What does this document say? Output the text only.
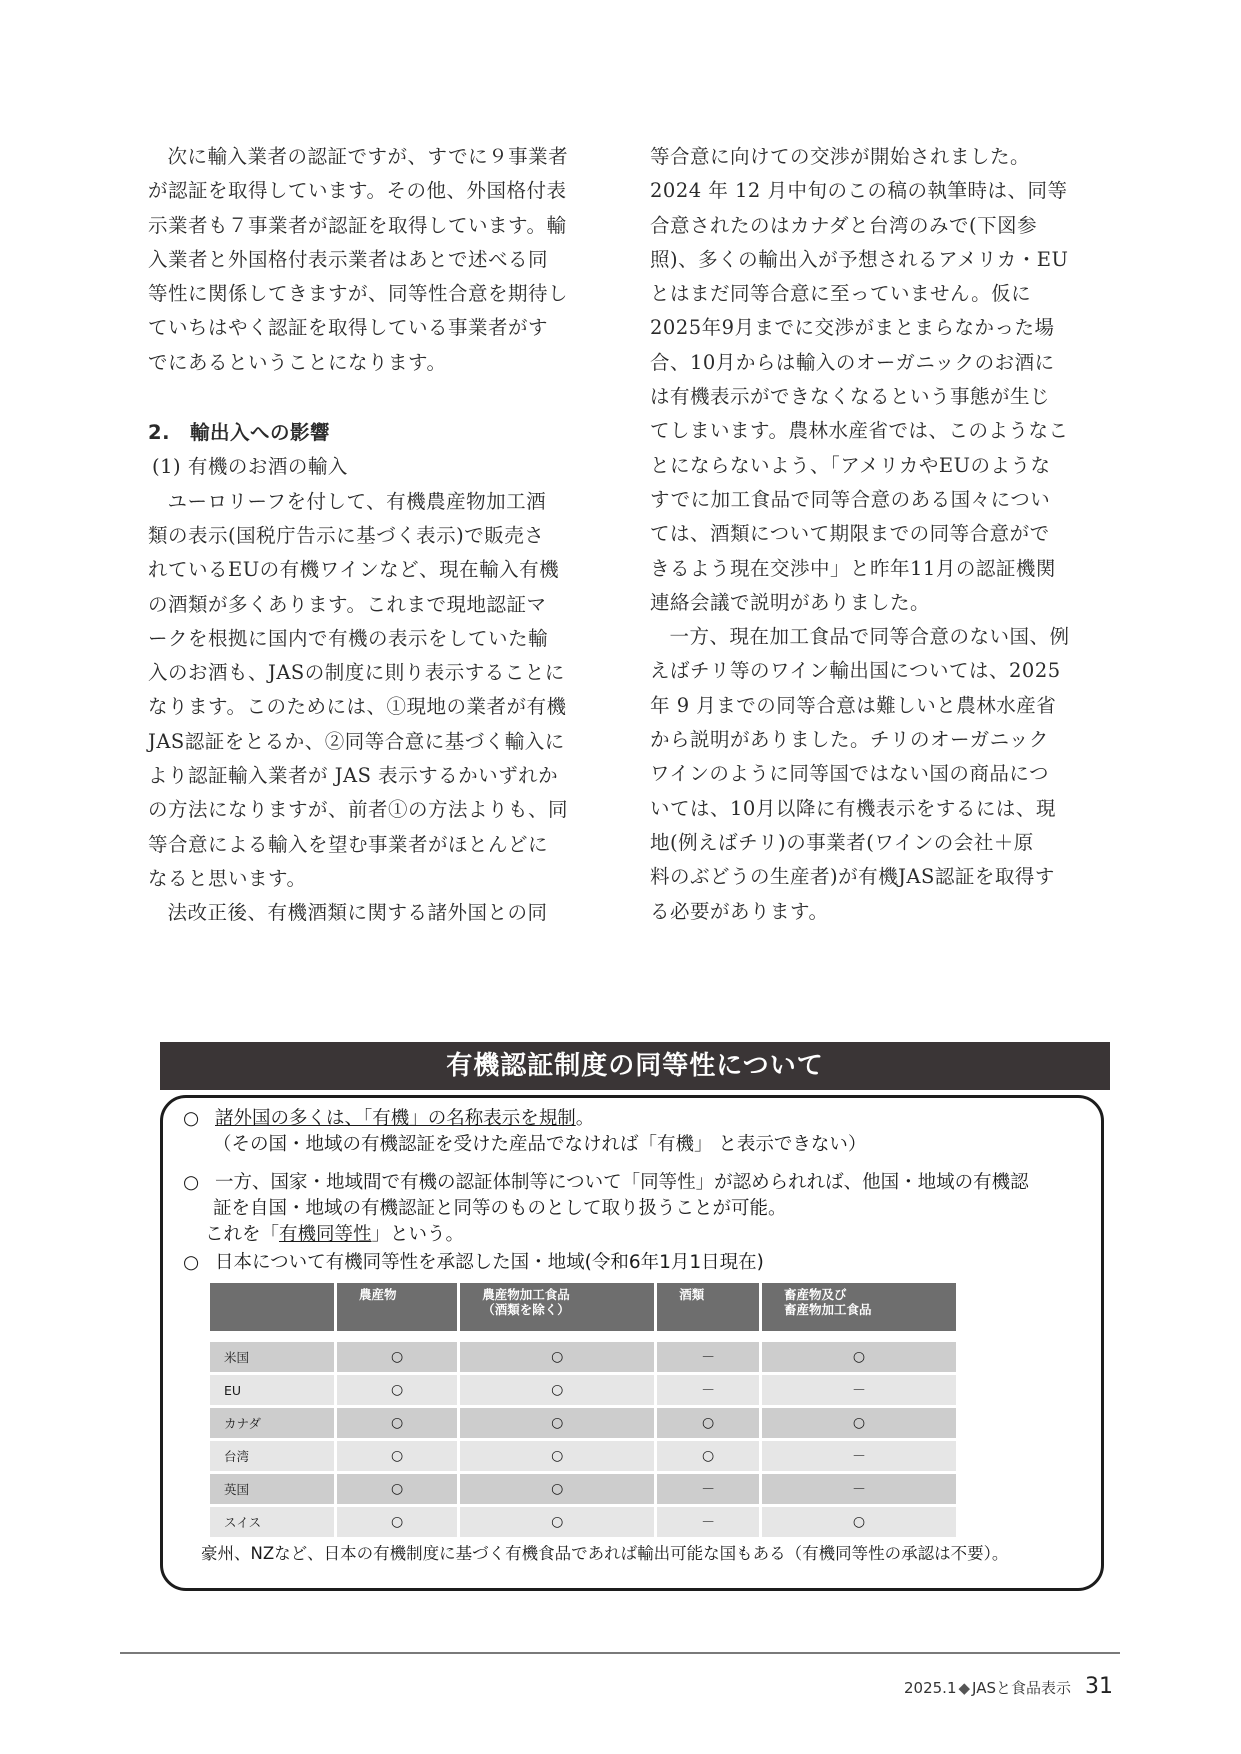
次に輸入業者の認証ですが、すでに９事業者
が認証を取得しています。その他、外国格付表
示業者も７事業者が認証を取得しています。輸
入業者と外国格付表示業者はあとで述べる同
等性に関係してきますが、同等性合意を期待し
ていちはやく認証を取得している事業者がす
でにあるということになります。

2.　輸出入への影響

(1) 有機のお酒の輸入

ユーロリーフを付して、有機農産物加工酒
類の表示(国税庁告示に基づく表示)で販売さ
れているEUの有機ワインなど、現在輸入有機
の酒類が多くあります。これまで現地認証マ
ークを根拠に国内で有機の表示をしていた輸
入のお酒も、JASの制度に則り表示することに
なります。このためには、①現地の業者が有機
JAS認証をとるか、②同等合意に基づく輸入に
より認証輸入業者が JAS 表示するかいずれか
の方法になりますが、前者①の方法よりも、同
等合意による輸入を望む事業者がほとんどに
なると思います。

法改正後、有機酒類に関する諸外国との同

等合意に向けての交渉が開始されました。
2024 年 12 月中旬のこの稿の執筆時は、同等
合意されたのはカナダと台湾のみで(下図参
照)、多くの輸出入が予想されるアメリカ・EU
とはまだ同等合意に至っていません。仮に
2025年9月までに交渉がまとまらなかった場
合、10月からは輸入のオーガニックのお酒に
は有機表示ができなくなるという事態が生じ
てしまいます。農林水産省では、このようなこ
とにならないよう、「アメリカやEUのような
すでに加工食品で同等合意のある国々につい
ては、酒類について期限までの同等合意がで
きるよう現在交渉中」と昨年11月の認証機関
連絡会議で説明がありました。

一方、現在加工食品で同等合意のない国、例
えばチリ等のワイン輸出国については、2025
年 9 月までの同等合意は難しいと農林水産省
から説明がありました。チリのオーガニック
ワインのように同等国ではない国の商品につ
いては、10月以降に有機表示をするには、現
地(例えばチリ)の事業者(ワインの会社＋原
料のぶどうの生産者)が有機JAS認証を取得す
る必要があります。

有機認証制度の同等性について
○ 諸外国の多くは、「有機」の名称表示を規制。
（その国・地域の有機認証を受けた産品でなければ「有機」 と表示できない）
○ 一方、国家・地域間で有機の認証体制等について「同等性」が認められれば、他国・地域の有機認
証を自国・地域の有機認証と同等のものとして取り扱うことが可能。
これを「有機同等性」という。
○ 日本について有機同等性を承認した国・地域(令和6年1月1日現在)
	農産物	農産物加工食品
（酒類を除く）	酒類	畜産物及び
畜産物加工食品

米国	○	○	－	○
EU	○	○	－	－
カナダ	○	○	○	○
台湾	○	○	○	－
英国	○	○	－	－
スイス	○	○	－	○
豪州、NZなど、日本の有機制度に基づく有機食品であれば輸出可能な国もある（有機同等性の承認は不要）。
2025.1 ◆ JASと食品表示 31
